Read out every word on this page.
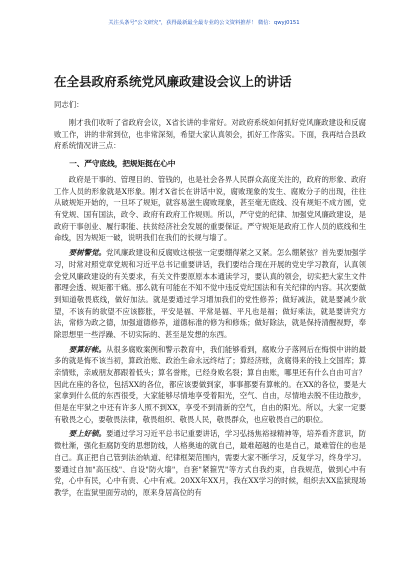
关注头条号"公文研究"，获得最新最全最专业的公文资料推荐！ 微信：qwyj0151
在全县政府系统党风廉政建设会议上的讲话
同志们：

刚才我们收听了省政府会议，X省长讲的非常好。对政府系统如何抓好党风廉政建设和反腐败工作，讲的非常到位，也非常深刻，希望大家认真领会，抓好工作落实。下面，我再结合县政府系统情况讲三点：

一、严守底线，把规矩挺在心中

政府是干事的、管理目的、管钱的，也是社会各界人民群众高度关注的，政府的形象、政府工作人员的形象就是X形象。刚才X省长在讲话中说，腐败现象的发生、腐败分子的出现，往往从破规矩开始的，一旦坏了规矩，就容易滋生腐败现象，甚至毫无底线、没有规矩不成方圆，党有党规、国有国法，政令、政府有政府工作规则。所以，严守党的纪律、加强党风廉政建设，是政府干事创业、履行职能、扶贫经济社会发展的重要保证。严守规矩是政府工作人员的底线和生命线，因为规矩一破，说明我们在我们的长规与墙了。

要树警觉。党风廉政建设和反腐败这根弦一定要绷得紧之又紧。怎么绷紧弦？首先要加强学习，时常对照党章党规和习近平总书记重要讲话，我们要结合现在开展的党史学习教育，认真领会党风廉政建设的有关要求，有关文件要原原本本通读学习，要认真的领会，切实把大家生文件都理会透、规矩都干痛。那么就有可能在不知不觉中违反党纪国法和有关纪律的内容。其次要做到知道敬畏底线，做好加法。就是要通过学习增加我们的党性修养；做好减法，就是要减少欲望，不该有的欲望不应该膨胀，平安是福、平常是福、平凡也是福；做好乘法，就是要讲究方法，常修为政之德，加强道德修养，道德标准的修为和修炼；做好除法，就是保持清醒视野，奉除思想里一些浮躁、不切实际的、甚至是发想的东西。

要算好帐。从很多腐败案例和警示教育中，我们能够看到，腐败分子落网后在悔恨中讲的最多的就是悔不该当初，算政治账、政治生命永远终结了；算经济账，贪腐得来的钱上交国库；算亲情账，亲戚朋友都跟着低头；算名誉账，已经身败名裂；算自由账，哪里还有什么自由可言？因此在座的各位，包括XX的各位，都应该要做到家，事事都要有算帐的。在XX的各位，要是大家拿到什么低的东西很受，大家能够尽情地享受着阳光，空气、自由，尽情地去脱不佳边散步，但是在牢狱之中还有许多人照不到XX，享受不到清新的空气，自由的阳光。所以，大家一定要有敬畏之心，要敬畏法律，敬畏组织、敬畏人民，敬畏群众，也应敬畏自己的职位。

要上好锁。要通过学习习近平总书记重要讲话，学习弘扬焦裕禄精神等，培养看齐意识，防微杜渐，强化拒腐防变的思想防线，人格奥迪的就自己，最难超越的也是自己，最难管住的也是自己。真正把自己管到法治轨道、纪律框架范围内，需要大家不断学习，反复学习，终身学习。要通过自加"高压线"、自设"防火墙"，自套"紧箍咒"等方式自我约束，自我规范，做到心中有党，心中有民，心中有责、心中有戒。20XX年XX月，我在XX学习的时候，组织去XX监狱现场教学，在监狱里面劳动的，原来身居高位的有
